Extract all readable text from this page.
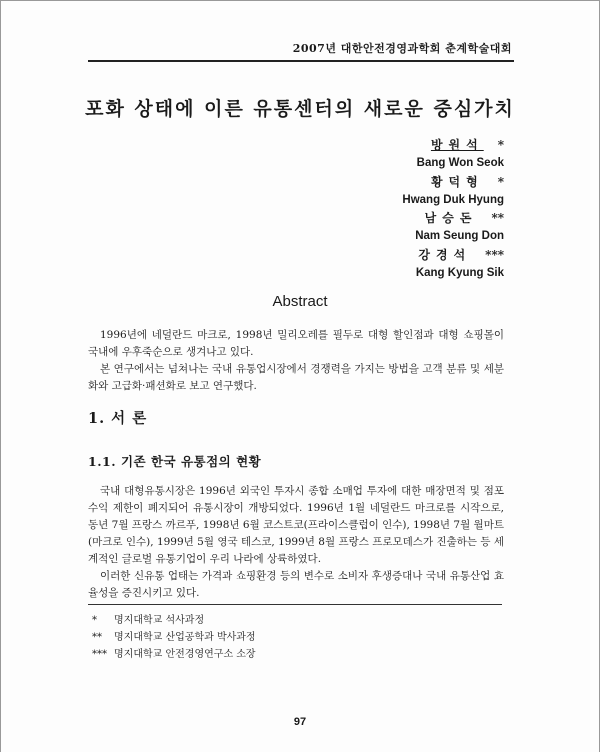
2007년 대한안전경영과학회 춘계학술대회
포화 상태에 이른 유통센터의 새로운 중심가치
방원석 *
Bang Won Seok
황덕형 *
Hwang Duk Hyung
남승돈 **
Nam Seung Don
강경석 ***
Kang Kyung Sik
Abstract

1996년에 네덜란드 마크로, 1998년 밀리오레를 필두로 대형 할인점과 대형 쇼핑몰이 국내에 우후죽순으로 생겨나고 있다.

본 연구에서는 넘쳐나는 국내 유통업시장에서 경쟁력을 가지는 방법을 고객 분류 및 세분화와 고급화·패션화로 보고 연구했다.

1. 서 론
1.1. 기존 한국 유통점의 현황

국내 대형유통시장은 1996년 외국인 투자시 종합 소매업 투자에 대한 매장면적 및 점포 수익 제한이 폐지되어 유통시장이 개방되었다. 1996년 1월 네덜란드 마크로를 시작으로, 동년 7월 프랑스 까르푸, 1998년 6월 코스트코(프라이스클럽이 인수), 1998년 7월 월마트(마크로 인수), 1999년 5월 영국 테스코, 1999년 8월 프랑스 프로모데스가 진출하는 등 세계적인 글로벌 유통기업이 우리 나라에 상륙하였다.

이러한 신유통 업태는 가격과 쇼핑환경 등의 변수로 소비자 후생증대나 국내 유통산업 효율성을 증진시키고 있다.

*	명지대학교 석사과정
**	명지대학교 산업공학과 박사과정
*** 명지대학교 안전경영연구소 소장
97
